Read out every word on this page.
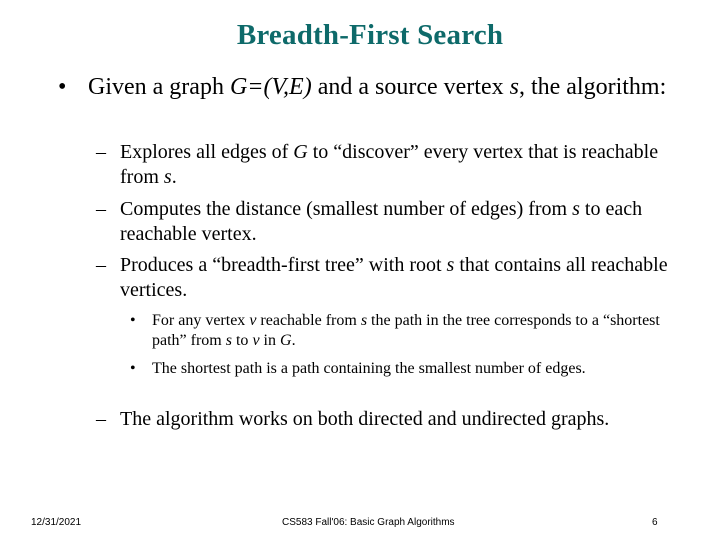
Breadth-First Search
• Given a graph G=(V,E) and a source vertex s, the algorithm:
– Explores all edges of G to “discover” every vertex that is reachable from s.
– Computes the distance (smallest number of edges) from s to each reachable vertex.
– Produces a “breadth-first tree” with root s that contains all reachable vertices.
• For any vertex v reachable from s the path in the tree corresponds to a “shortest path” from s to v in G.
• The shortest path is a path containing the smallest number of edges.
– The algorithm works on both directed and undirected graphs.
12/31/2021	CS583 Fall'06: Basic Graph Algorithms	6
